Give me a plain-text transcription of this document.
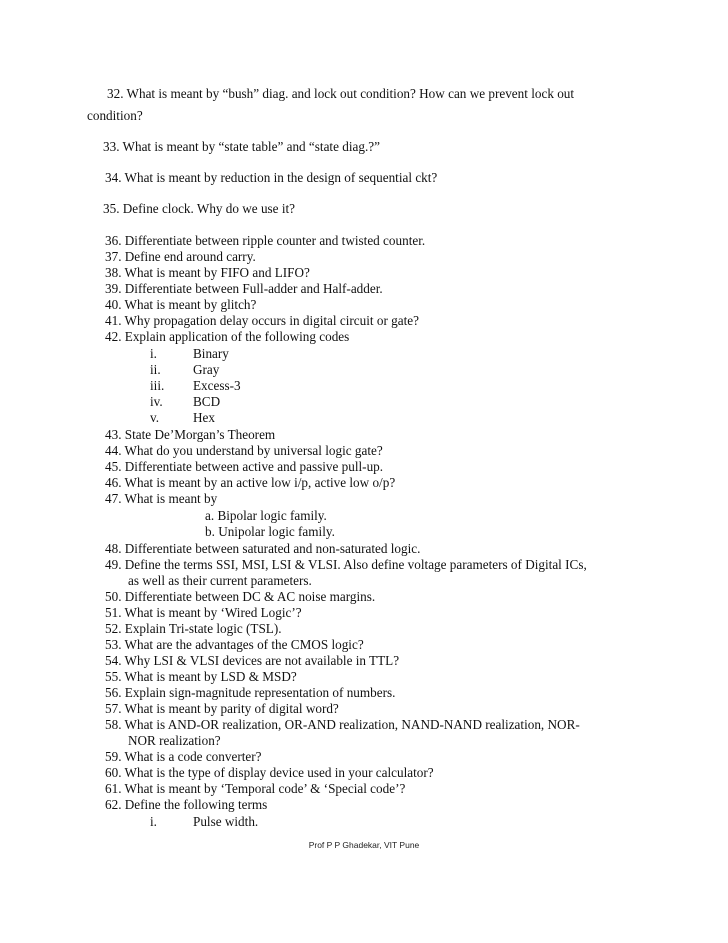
32. What is meant by “bush” diag. and lock out condition? How can we prevent lock out
condition?
33. What is meant by “state table” and “state diag.?”
34. What is meant by reduction in the design of sequential ckt?
35. Define clock. Why do we use it?
36. Differentiate between ripple counter and twisted counter.
37. Define end around carry.
38. What is meant by FIFO and LIFO?
39. Differentiate between Full-adder and Half-adder.
40. What is meant by glitch?
41. Why propagation delay occurs in digital circuit or gate?
42. Explain application of the following codes
i.	Binary
ii. Gray
iii. Excess-3
iv. BCD
v.	Hex
43. State De’Morgan’s Theorem
44. What do you understand by universal logic gate?
45. Differentiate between active and passive pull-up.
46. What is meant by an active low i/p, active low o/p?
47. What is meant by
a. Bipolar logic family.
b. Unipolar logic family.
48. Differentiate between saturated and non-saturated logic.
49. Define the terms SSI, MSI, LSI & VLSI. Also define voltage parameters of Digital ICs,
as well as their current parameters.
50. Differentiate between DC & AC noise margins.
51. What is meant by ‘Wired Logic’?
52. Explain Tri-state logic (TSL).
53. What are the advantages of the CMOS logic?
54. Why LSI & VLSI devices are not available in TTL?
55. What is meant by LSD & MSD?
56. Explain sign-magnitude representation of numbers.
57. What is meant by parity of digital word?
58. What is AND-OR realization, OR-AND realization, NAND-NAND realization, NOR-
NOR realization?
59. What is a code converter?
60. What is the type of display device used in your calculator?
61. What is meant by ‘Temporal code’ & ‘Special code’?
62. Define the following terms
i.	Pulse width.
Prof P P Ghadekar, VIT Pune
